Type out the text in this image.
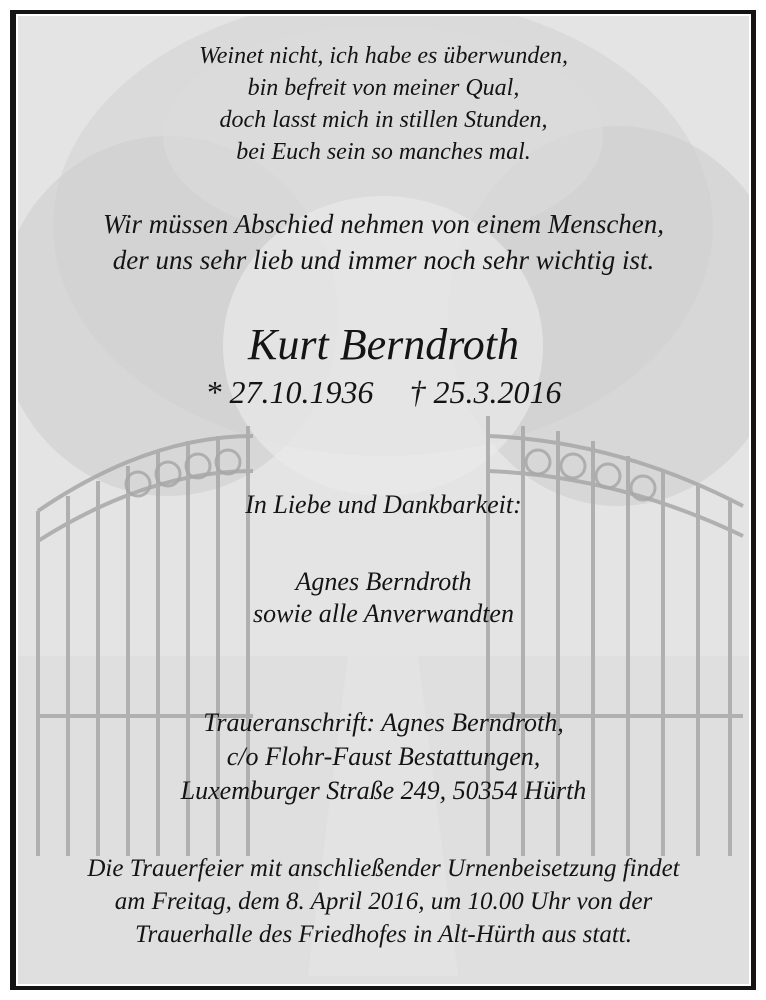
Weinet nicht, ich habe es überwunden,
bin befreit von meiner Qual,
doch lasst mich in stillen Stunden,
bei Euch sein so manches mal.
Wir müssen Abschied nehmen von einem Menschen,
der uns sehr lieb und immer noch sehr wichtig ist.
Kurt Berndroth
* 27.10.1936 † 25.3.2016
In Liebe und Dankbarkeit:
Agnes Berndroth
sowie alle Anverwandten
Traueranschrift: Agnes Berndroth,
c/o Flohr-Faust Bestattungen,
Luxemburger Straße 249, 50354 Hürth
Die Trauerfeier mit anschließender Urnenbeisetzung findet
am Freitag, dem 8. April 2016, um 10.00 Uhr von der
Trauerhalle des Friedhofes in Alt-Hürth aus statt.
